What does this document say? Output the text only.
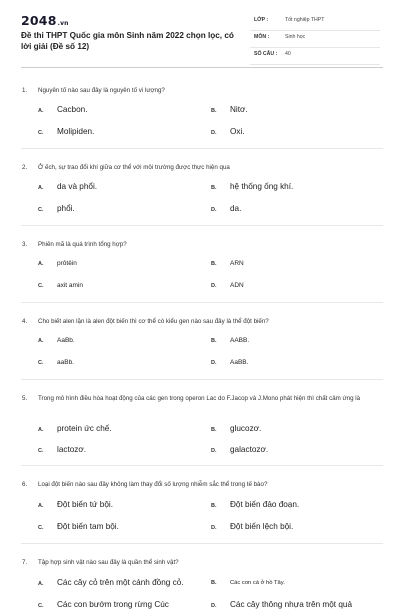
2048.vn
Đề thi THPT Quốc gia môn Sinh năm 2022 chọn lọc, có lời giải (Đề số 12)
LỚP :	Tốt nghiệp THPT
MÔN :	Sinh học
SỐ CÂU : 40
1. Nguyên tố nào sau đây là nguyên tố vi lượng?
A. Cacbon.	B. Nitơ.
C. Molipiden.	D. Oxi.
2. Ở ếch, sự trao đổi khí giữa cơ thể với môi trường được thực hiện qua
A. da và phổi.	B. hệ thống ống khí.
C. phổi.	D. da.
3. Phiên mã là quá trình tổng hợp?
A. prôtêin	B. ARN
C. axit amin	D. ADN
4. Cho biết alen lặn là alen đột biến thì cơ thể có kiểu gen nào sau đây là thể đột biến?
A. AaBb.	B. AABB.
C. aaBb.	D. AaBB.
5. Trong mô hình điều hòa hoạt động của các gen trong operon Lac do F.Jacop và J.Mono phát hiện thì chất cảm ứng là
A. protein ức chế.	B. glucozơ.
C. lactozơ.	D. galactozơ.
6. Loại đột biến nào sau đây không làm thay đổi số lượng nhiễm sắc thể trong tế bào?
A. Đột biến tứ bội.	B. Đột biến đảo đoạn.
C. Đột biến tam bội.	D. Đột biến lệch bội.
7. Tập hợp sinh vật nào sau đây là quần thể sinh vật?
A. Các cây cỏ trên một cánh đồng cỏ.	B. Các con cá ở hồ Tây.
C. Các con bướm trong rừng Cúc	D. Các cây thông nhựa trên một quả
